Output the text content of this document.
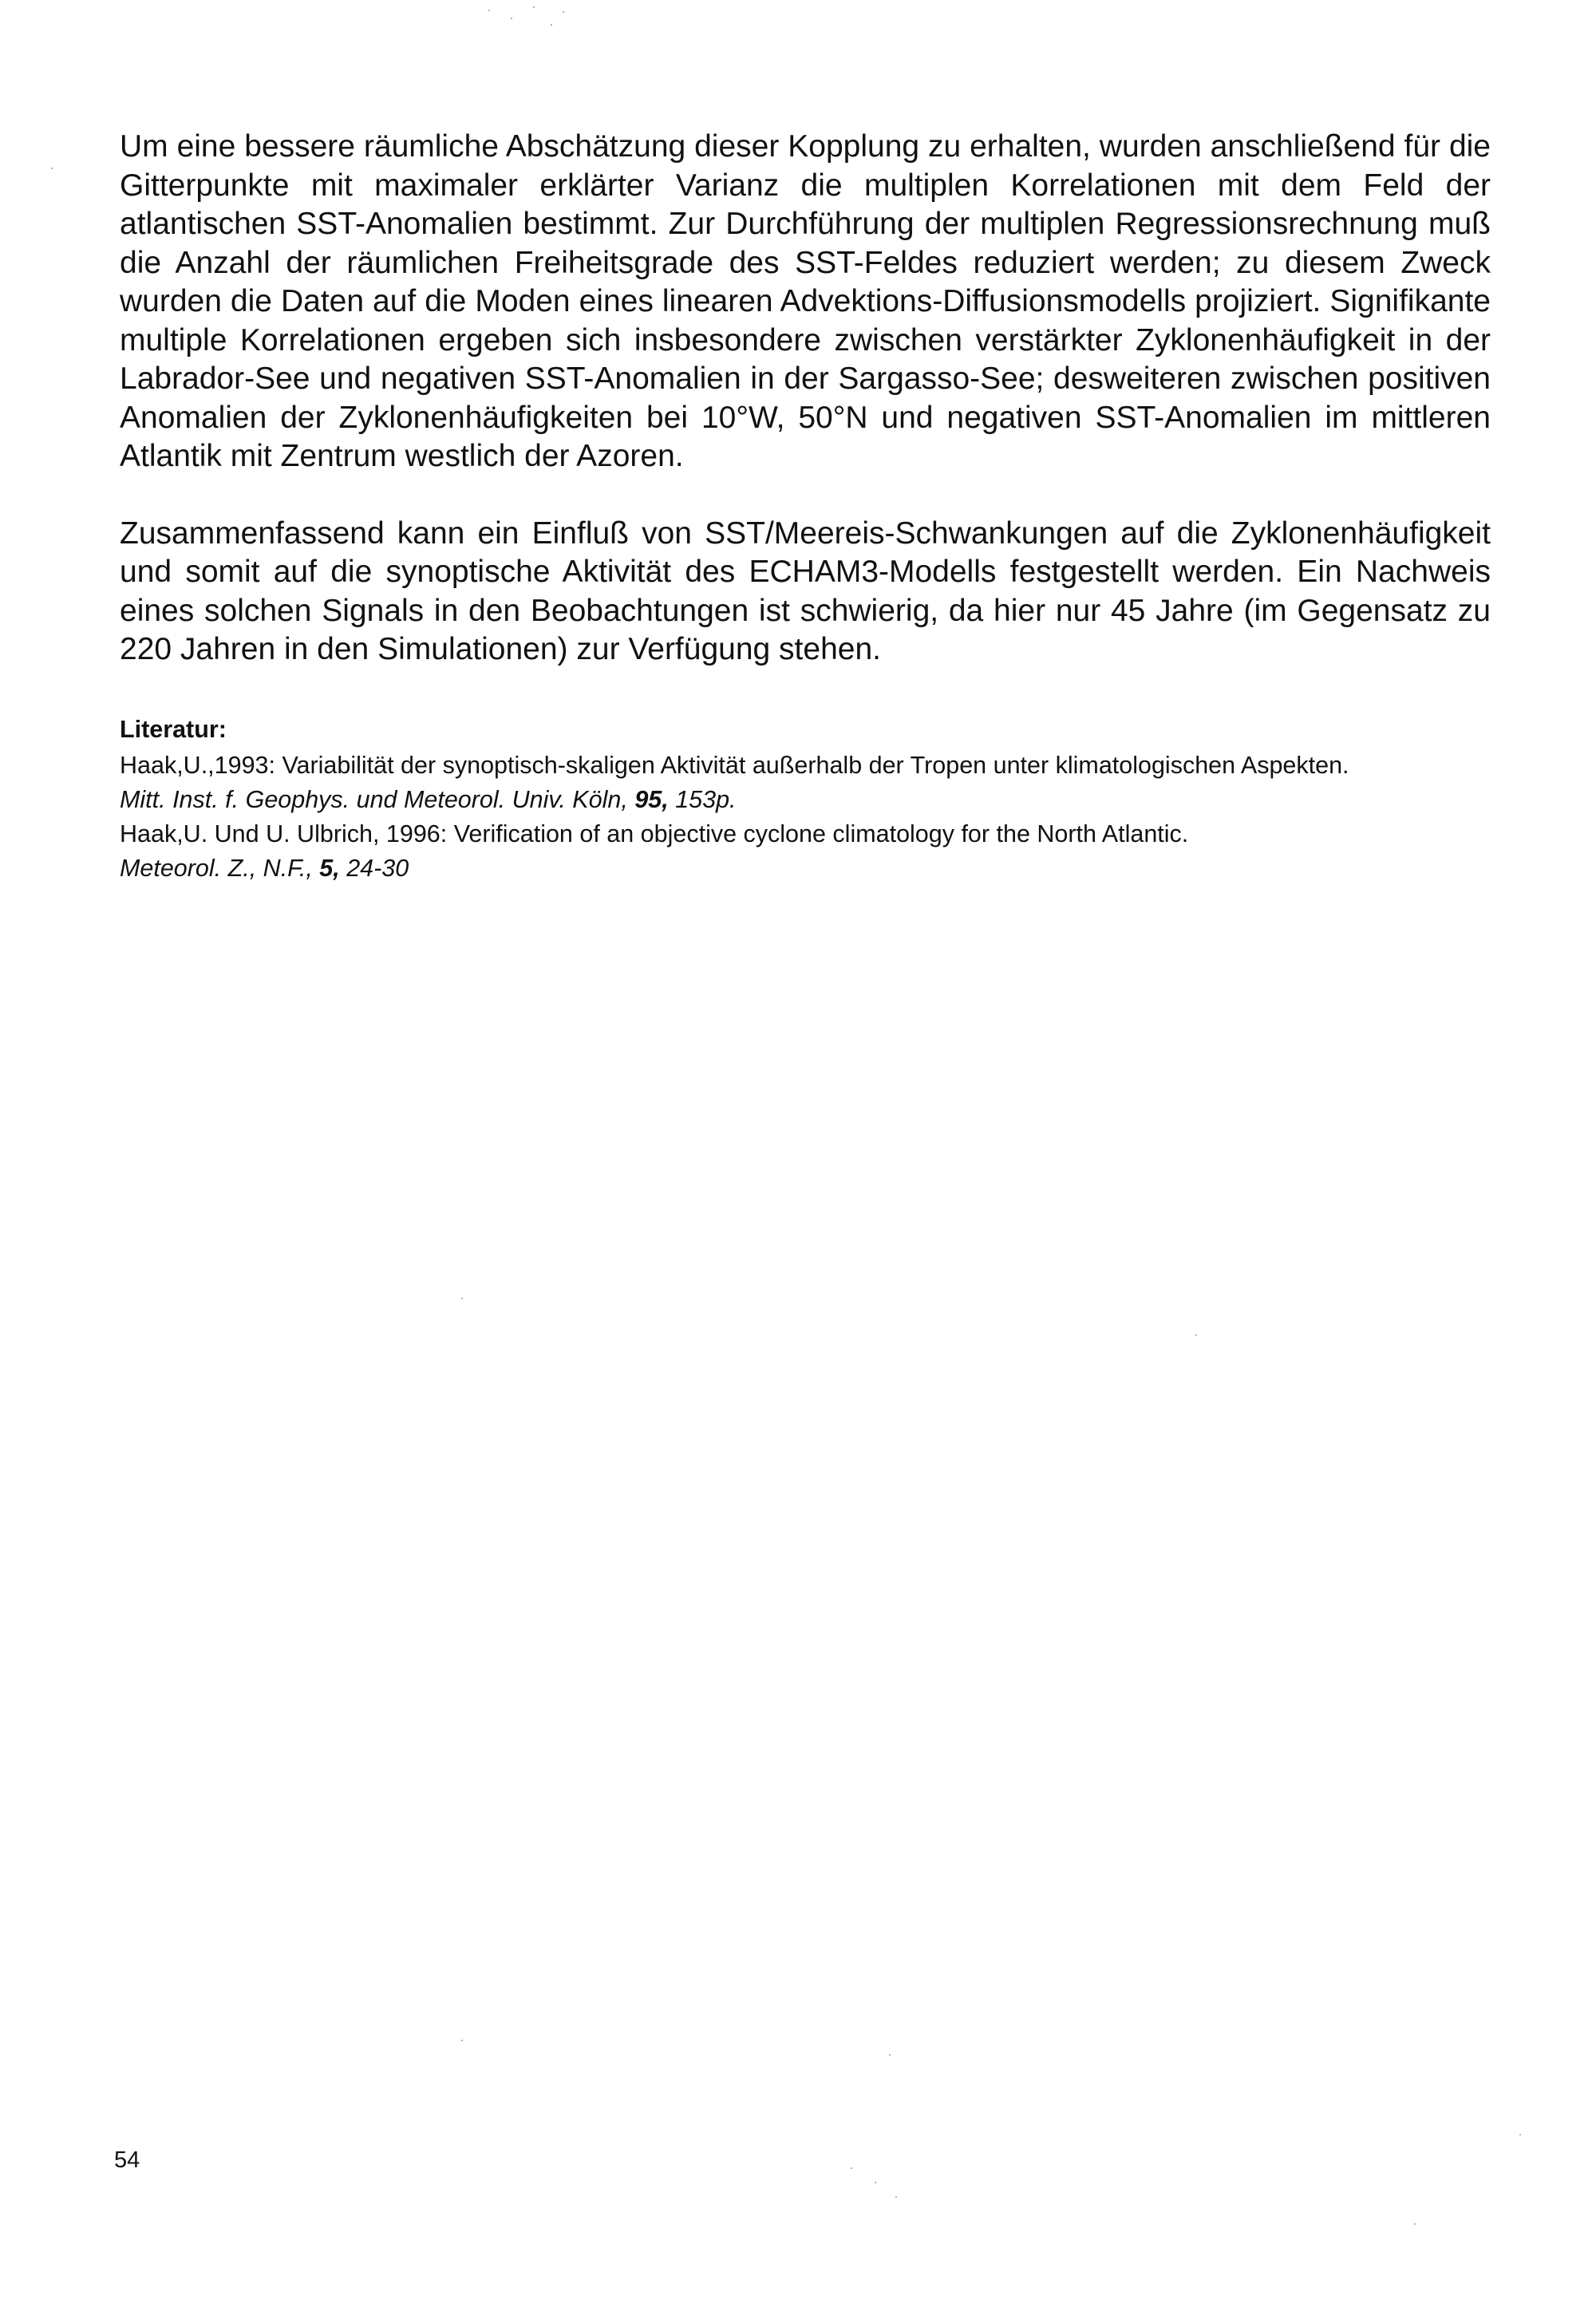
Um eine bessere räumliche Abschätzung dieser Kopplung zu erhalten, wurden anschließend für die Gitterpunkte mit maximaler erklärter Varianz die multiplen Korrelationen mit dem Feld der atlantischen SST-Anomalien bestimmt. Zur Durchführung der multiplen Regressionsrechnung muß die Anzahl der räumlichen Freiheitsgrade des SST-Feldes reduziert werden; zu diesem Zweck wurden die Daten auf die Moden eines linearen Advektions-Diffusionsmodells projiziert. Signifikante multiple Korrelationen ergeben sich insbesondere zwischen verstärkter Zyklonenhäufigkeit in der Labrador-See und negativen SST-Anomalien in der Sargasso-See; desweiteren zwischen positiven Anomalien der Zyklonenhäufigkeiten bei 10°W, 50°N und negativen SST-Anomalien im mittleren Atlantik mit Zentrum westlich der Azoren.

Zusammenfassend kann ein Einfluß von SST/Meereis-Schwankungen auf die Zyklonenhäufigkeit und somit auf die synoptische Aktivität des ECHAM3-Modells festgestellt werden. Ein Nachweis eines solchen Signals in den Beobachtungen ist schwierig, da hier nur 45 Jahre (im Gegensatz zu 220 Jahren in den Simulationen) zur Verfügung stehen.

Literatur:

Haak,U.,1993: Variabilität der synoptisch-skaligen Aktivität außerhalb der Tropen unter klimatologischen Aspekten.

Mitt. Inst. f. Geophys. und Meteorol. Univ. Köln, 95, 153p.

Haak,U. Und U. Ulbrich, 1996: Verification of an objective cyclone climatology for the North Atlantic.

Meteorol. Z., N.F., 5, 24-30

54
